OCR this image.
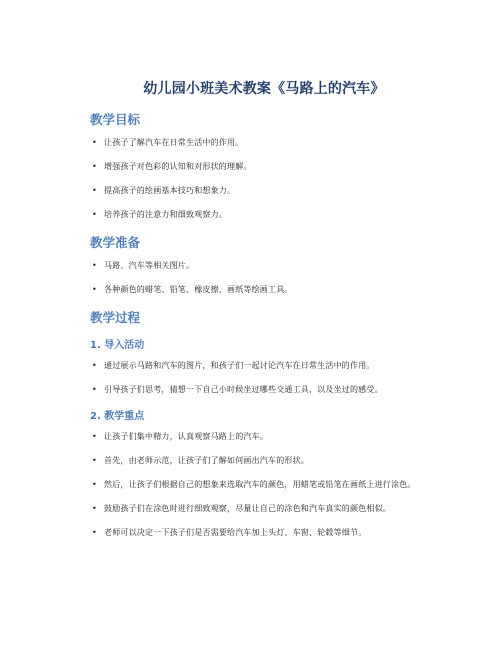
幼儿园小班美术教案《马路上的汽车》
教学目标
• 让孩子了解汽车在日常生活中的作用。
• 增强孩子对色彩的认知和对形状的理解。
• 提高孩子的绘画基本技巧和想象力。
• 培养孩子的注意力和细致观察力。
教学准备
• 马路、汽车等相关图片。
• 各种颜色的蜡笔、铅笔、橡皮擦、画纸等绘画工具。
教学过程
1. 导入活动
• 通过展示马路和汽车的图片，和孩子们一起讨论汽车在日常生活中的作用。
• 引导孩子们思考，猜想一下自己小时候坐过哪些交通工具，以及坐过的感受。
2. 教学重点
• 让孩子们集中精力，认真观察马路上的汽车。
• 首先，由老师示范，让孩子们了解如何画出汽车的形状。
• 然后，让孩子们根据自己的想象来选取汽车的颜色，用蜡笔或铅笔在画纸上进行涂色。
• 鼓励孩子们在涂色时进行细致观察，尽量让自己的涂色和汽车真实的颜色相似。
• 老师可以决定一下孩子们是否需要给汽车加上头灯、车窗、轮毂等细节。
